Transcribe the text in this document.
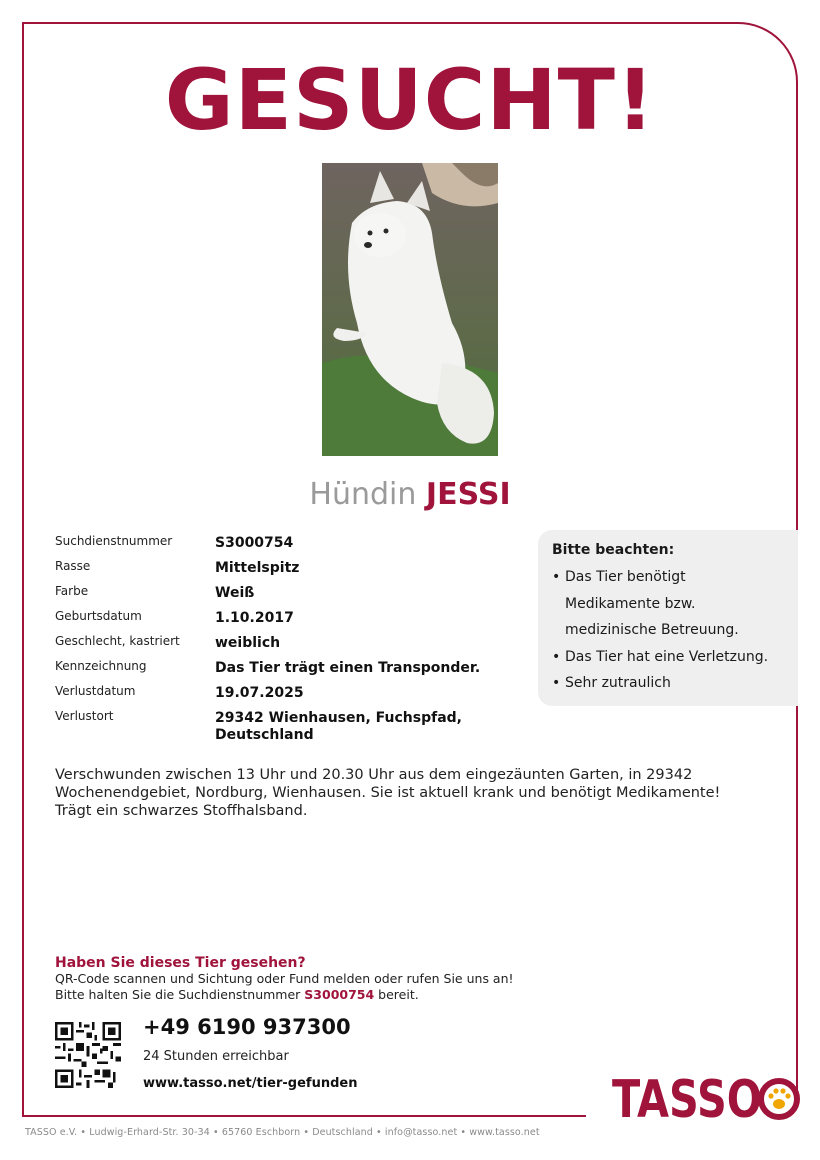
GESUCHT!
Hündin JESSI
Suchdienstnummer	S3000754
Rasse	Mittelspitz
Farbe	Weiß
Geburtsdatum	1.10.2017
Geschlecht, kastriert	weiblich
Kennzeichnung	Das Tier trägt einen Transponder.
Verlustdatum	19.07.2025
Verlustort	29342 Wienhausen, Fuchspfad, Deutschland
Bitte beachten:
• Das Tier benötigt Medikamente bzw. medizinische Betreuung.
• Das Tier hat eine Verletzung.
• Sehr zutraulich
Verschwunden zwischen 13 Uhr und 20.30 Uhr aus dem eingezäunten Garten, in 29342 Wochenendgebiet, Nordburg, Wienhausen. Sie ist aktuell krank und benötigt Medikamente! Trägt ein schwarzes Stoffhalsband.
Haben Sie dieses Tier gesehen?

QR-Code scannen und Sichtung oder Fund melden oder rufen Sie uns an!

Bitte halten Sie die Suchdienstnummer S3000754 bereit.

+49 6190 937300
24 Stunden erreichbar
www.tasso.net/tier-gefunden	TASSO
TASSO e.V. • Ludwig-Erhard-Str. 30-34 • 65760 Eschborn • Deutschland • info@tasso.net • www.tasso.net
